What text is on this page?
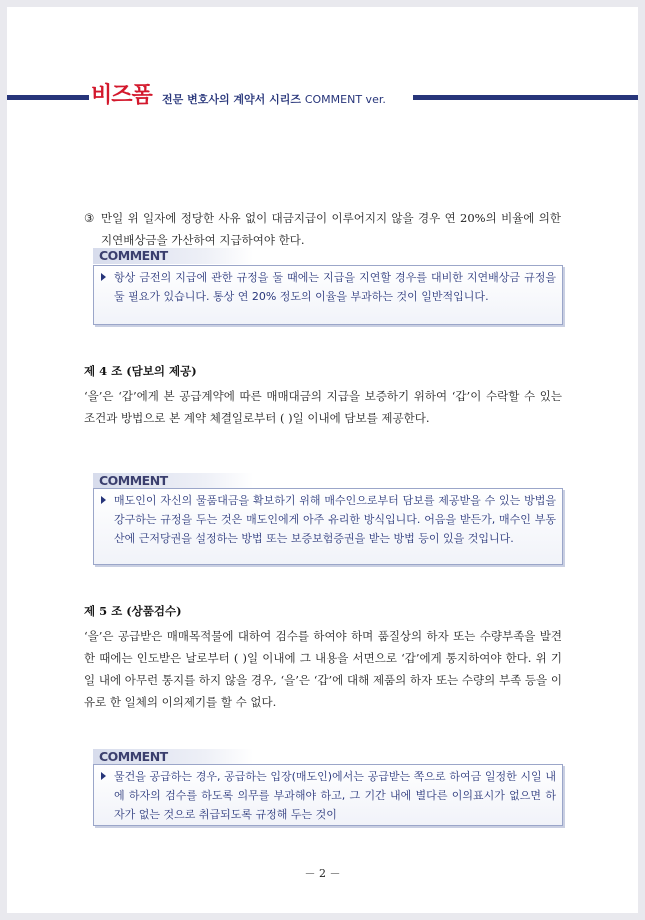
비즈폼 전문 변호사의 계약서 시리즈 COMMENT ver.
③ 만일 위 일자에 정당한 사유 없이 대금지급이 이루어지지 않을 경우 연 20%의 비율에 의한 지연배상금을 가산하여 지급하여야 한다.
COMMENT
항상 금전의 지급에 관한 규정을 둘 때에는 지급을 지연할 경우를 대비한 지연배상금 규정을 둘 필요가 있습니다. 통상 연 20% 정도의 이율을 부과하는 것이 일반적입니다.
제 4 조 (담보의 제공)
‘을’은 ‘갑’에게 본 공급계약에 따른 매매대금의 지급을 보증하기 위하여 ‘갑’이 수락할 수 있는 조건과 방법으로 본 계약 체결일로부터 ( )일 이내에 담보를 제공한다.
COMMENT
매도인이 자신의 물품대금을 확보하기 위해 매수인으로부터 담보를 제공받을 수 있는 방법을 강구하는 규정을 두는 것은 매도인에게 아주 유리한 방식입니다. 어음을 받든가, 매수인 부동산에 근저당권을 설정하는 방법 또는 보증보험증권을 받는 방법 등이 있을 것입니다.
제 5 조 (상품검수)
‘을’은 공급받은 매매목적물에 대하여 검수를 하여야 하며 품질상의 하자 또는 수량부족을 발견한 때에는 인도받은 날로부터 ( )일 이내에 그 내용을 서면으로 ‘갑’에게 통지하여야 한다. 위 기일 내에 아무런 통지를 하지 않을 경우, ‘을’은 ‘갑’에 대해 제품의 하자 또는 수량의 부족 등을 이유로 한 일체의 이의제기를 할 수 없다.
COMMENT
물건을 공급하는 경우, 공급하는 입장(매도인)에서는 공급받는 쪽으로 하여금 일정한 시일 내에 하자의 검수를 하도록 의무를 부과해야 하고, 그 기간 내에 별다른 이의표시가 없으면 하자가 없는 것으로 취급되도록 규정해 두는 것이
－ 2 －
